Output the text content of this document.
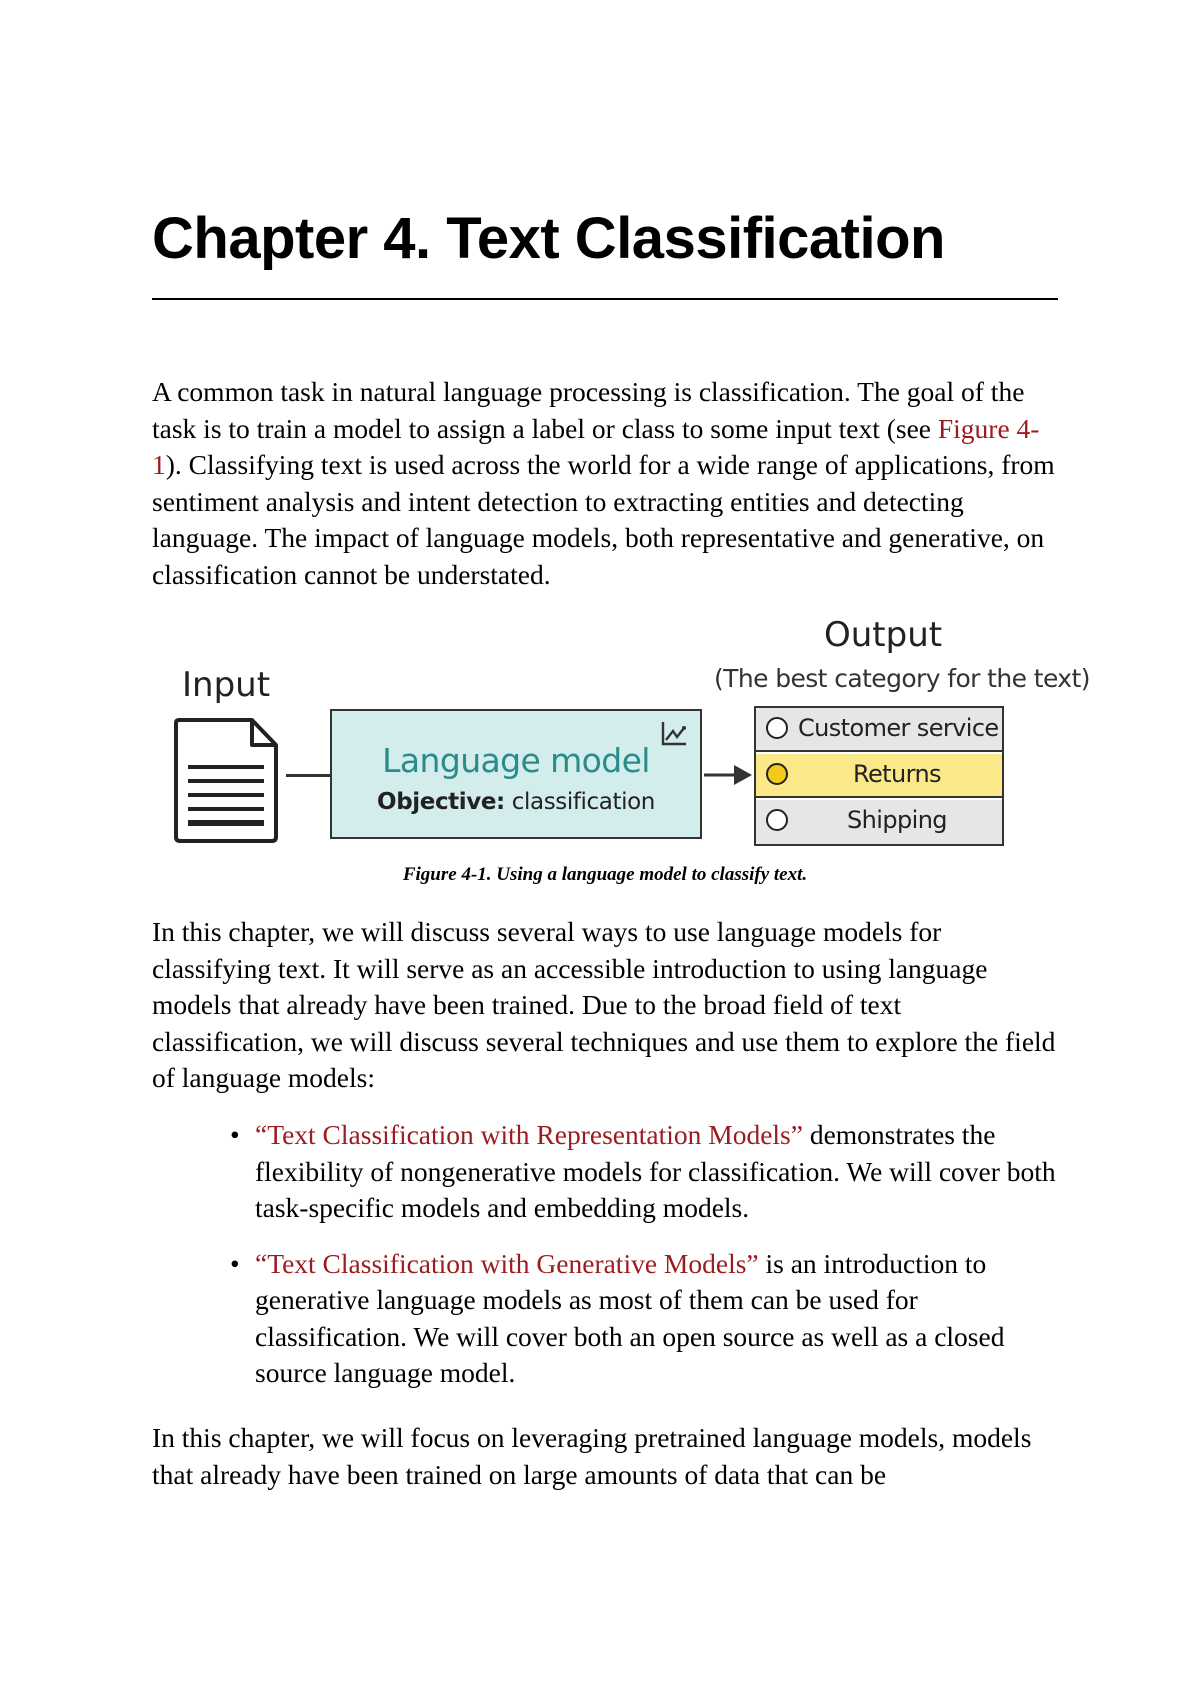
Chapter 4. Text Classification

A common task in natural language processing is classification. The goal of the task is to train a model to assign a label or class to some input text (see Figure 4-1). Classifying text is used across the world for a wide range of applications, from sentiment analysis and intent detection to extracting entities and detecting language. The impact of language models, both representative and generative, on classification cannot be understated.

Input
Output
(The best category for the text)
Language model
Objective: classification
Customer service
Returns
Shipping

Figure 4-1. Using a language model to classify text.

In this chapter, we will discuss several ways to use language models for classifying text. It will serve as an accessible introduction to using language models that already have been trained. Due to the broad field of text classification, we will discuss several techniques and use them to explore the field of language models:

• “Text Classification with Representation Models” demonstrates the flexibility of nongenerative models for classification. We will cover both task-specific models and embedding models.
• “Text Classification with Generative Models” is an introduction to generative language models as most of them can be used for classification. We will cover both an open source as well as a closed source language model.

In this chapter, we will focus on leveraging pretrained language models, models that already have been trained on large amounts of data that can be
